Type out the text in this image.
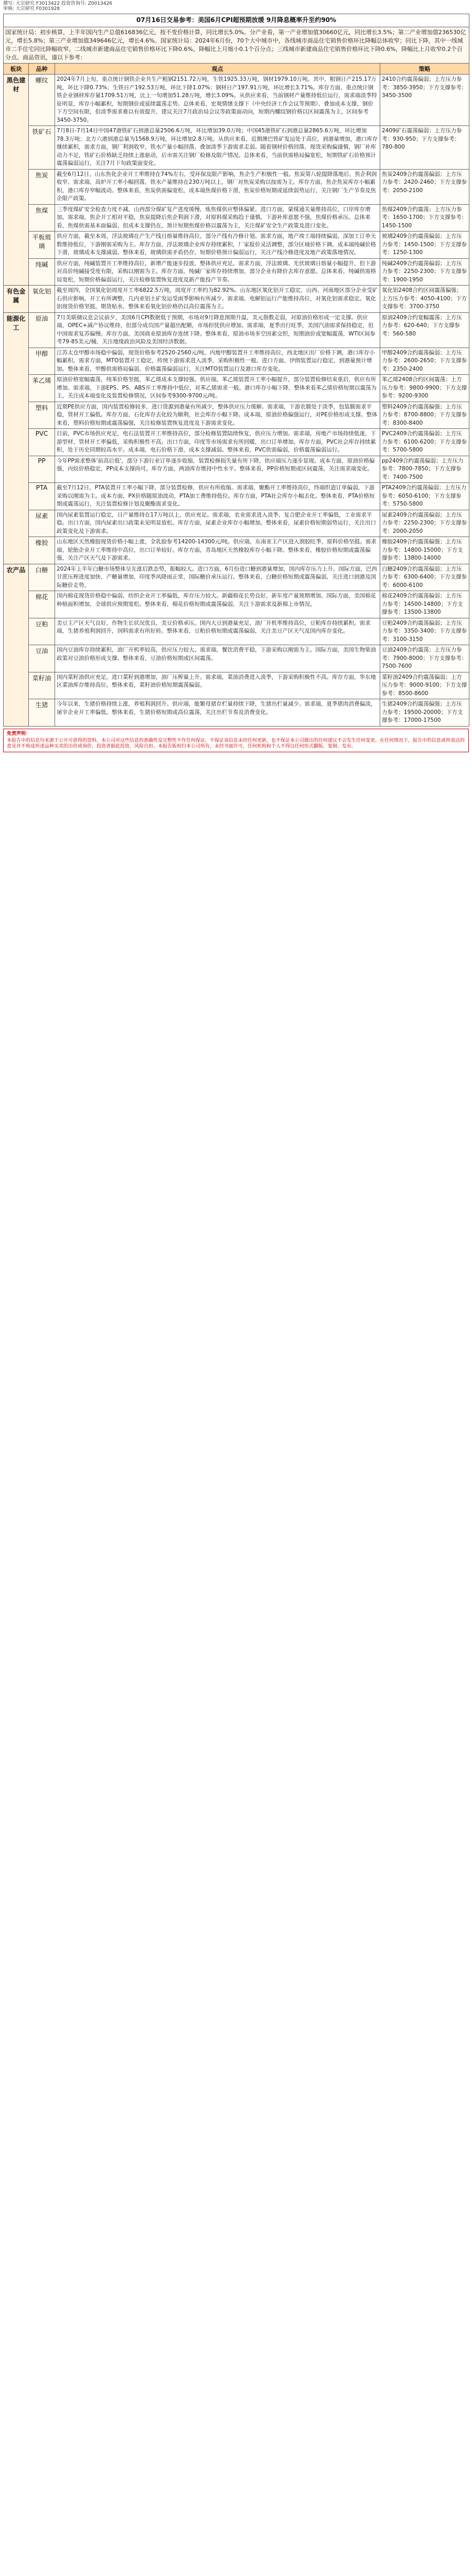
撰写: 大宗研究 F3013422 投资咨询号: Z0013426
审核: 大宗研究 F0301928
07月16日交易参考：美国6月CPI超预期放缓 9月降息概率升至约90%			
国家统计局：初步核算，上半年国内生产总值616836亿元，按不变价格计算，同比增长5.0%。分产业看，第一产业增加值30660亿元，同比增长3.5%；第二产业增加值236530亿元，增长5.8%；第三产业增加值349646亿元，增长4.6%。国家统计局：2024年6月份，70个大中城市中，各线城市商品住宅销售价格环比降幅总体收窄；同比下降，其中一线城市二手住宅同比降幅收窄。二线城市新建商品住宅销售价格环比下降0.6%，降幅比上月缩小0.1个百分点；三线城市新建商品住宅销售价格环比下降0.6%，降幅比上月收窄0.2个百分点。商品资讯，谨以下参考：			
板块	品种	观点	策略
黑色建材	螺纹	2024年7月上旬，重点统计钢铁企业共生产粗钢2151.72万吨，生铁1925.33万吨，钢材1979.10万吨。其中，粗钢日产215.17万吨，环比下降0.73%；生铁日产192.53万吨，环比下降1.07%；钢材日产197.91万吨，环比增长3.71%。库存方面，重点统计钢铁企业钢材库存量1709.51万吨，比上一旬增加51.28万吨，增长3.09%。从供应来看，当前钢材产量维持低位运行，需求端淡季特征明显，库存小幅累积，短期钢价或延续震荡走势。总体来看，宏观情绪支撑下（中央经济工作会议等预期）、叠加成本支撑，钢价下方空间有限，但淡季需求难以有效提升，建议关注7月政治局会议等政策面动向，短期内螺纹钢价格以区间震荡为主，区间参考3450-3750。	2410合约震荡偏弱；上方压力参考：3850-3950；下方支撑参考：3450-3500
	铁矿石	7月8日-7月14日中国47港铁矿石到港总量2506.6万吨，环比增加39.0万吨；中国45港铁矿石到港总量2865.6万吨，环比增加78.3万吨；北方六港到港总量为1568.9万吨，环比增加2.8万吨。从供应来看，近期澳巴铁矿发运处于高位，到港量增加，港口库存继续累积，需求方面，钢厂利润收窄，铁水产量小幅回落，叠加淡季下游需求走弱。随着钢材价格回落，现货采购偏谨慎，钢厂补库动力不足，铁矿石价格缺乏持续上涨驱动，后市需关注钢厂检修及限产情况。总体来看，当前供需格局偏宽松，短期铁矿石价格预计震荡偏弱运行，关注7月下旬政策面变化。	2409矿石震荡偏弱；上方压力参考：930-950；下方支撑参考：780-800
	焦炭	截至6月12日，山东焦化企业开工率维持在74%左右，受环保及限产影响，焦企生产积极性一般。焦炭第八轮提降落地后，焦企利润收窄。需求端，高炉开工率小幅回落，铁水产量维持在230万吨以上，钢厂对焦炭采购以按需为主。库存方面，焦企焦炭库存小幅累积，港口库存窄幅波动。整体来看，焦炭供需偏宽松，成本端焦煤价格下滑，焦炭价格短期或延续弱势运行，关注钢厂生产节奏及焦企限产政策。	焦炭2409合约震荡偏弱；上方压力参考：2420-2460；下方支撑参考：2050-2100
	焦煤	三季度煤矿安全检查力度不减，山西部分煤矿复产进度缓慢，炼焦煤供应整体偏紧。进口方面，蒙煤通关量维持高位，口岸库存增加。需求端，焦企开工相对平稳，焦炭提降后焦企利润下滑，对原料煤采购趋于谨慎。下游补库意愿不强，焦煤价格承压。总体来看，焦煤供需基本面偏弱，但成本支撑仍在，预计短期焦煤价格以震荡为主，关注煤矿安全生产政策及进口变化。	焦煤2409合约震荡；上方压力参考：1650-1700；下方支撑参考：1450-1500
	平板玻璃	供应方面，截至本周，浮法玻璃在产生产线日熔量维持高位，部分产线有冷修计划。需求方面，地产竣工端持续偏弱，深加工订单天数维持低位，下游刚需采购为主。库存方面，浮法玻璃企业库存持续累积，厂家报价灵活调整，部分区域价格下调。成本端纯碱价格下滑，玻璃成本支撑减弱。整体来看，玻璃供需矛盾仍存，短期价格预计偏弱运行，关注产线冷修进度及地产政策落地情况。	玻璃2409合约震荡偏弱；上方压力参考：1450-1500；下方支撑参考：1250-1300
	纯碱	供应方面，纯碱装置开工率维持高位，新增产能逐步投放，整体供应充足。需求方面，浮法玻璃、光伏玻璃日熔量小幅提升，但下游对高价纯碱接受度有限，采购以刚需为主。库存方面，纯碱厂家库存持续增加，部分企业有降价去库存意愿。总体来看，纯碱供需格局宽松，短期价格偏弱运行，关注检修装置恢复进度及新产能投产节奏。	纯碱2409合约震荡偏弱；上方压力参考：2250-2300；下方支撑参考：1900-1950
有色金属	氧化铝	截至周四，全国氧化铝周度开工率6822.5万吨，周度开工率约为82.92%。山东地区氧化铝开工稳定，山西、河南地区部分企业受矿石供应影响，开工有所调整，几内亚铝土矿发运受雨季影响有所减少。需求端，电解铝运行产能维持高位，对氧化铝需求稳定。氧化铝现货价格坚挺，期货贴水，整体来看氧化铝价格仍以高位震荡为主。	氧化铝2408合约区间震荡偏强；上方压力参考：4050-4100；下方支撑参考：3700-3750
能源化工	原油	7月美联储议息会议前夕，美国6月CPI数据低于预期，市场对9月降息预期升温，美元指数走弱，对原油价格形成一定支撑。供应端，OPEC+减产协议维持，但部分成员国产量超出配额，市场担忧供应增加。需求端，夏季出行旺季，美国汽油需求保持稳定，但中国需求复苏偏慢。库存方面，美国商业原油库存连续下降。整体来看，原油市场多空因素交织，短期油价或宽幅震荡，WTI区间参考79-85美元/桶，关注地缘政治风险及美国经济数据。	原油2409合约宽幅震荡；上方压力参考：620-640；下方支撑参考：560-580
	甲醇	江苏太仓甲醇市场稳中偏弱，现货价格参考2520-2560元/吨。内地甲醇装置开工率维持高位，西北地区出厂价格下调，港口库存小幅累积。需求方面，MTO装置开工稳定，传统下游需求进入淡季，采购积极性一般。进口方面，伊朗装置运行稳定，到港量预计增加。整体来看，甲醇供需格局偏弱，价格震荡偏弱运行，关注MTO装置运行及港口库存变化。	甲醇2409合约震荡偏弱；上方压力参考：2600-2650；下方支撑参考：2350-2400
	苯乙烯	原油价格宽幅震荡，纯苯价格坚挺，苯乙烯成本支撑较强。供应端，苯乙烯装置开工率小幅提升，部分装置检修结束重启，供应有所增加。需求端，下游EPS、PS、ABS开工率维持中低位，对苯乙烯需求一般。港口库存小幅下降，整体来看苯乙烯价格短期以震荡为主，关注成本端变化及装置检修情况，区间参考9300-9700元/吨。	苯乙烯2408合约区间震荡；上方压力参考：9800-9900；下方支撑参考：9200-9300
	塑料	近期PE供应方面，国内装置检修较多，进口货源到港量有所减少，整体供应压力缓解。需求端，下游农膜处于淡季，包装膜需求平稳，管材开工偏低。库存方面，石化库存去化较为顺利，社会库存小幅下降。成本端，原油价格偏强运行，对PE价格形成支撑。整体来看，塑料价格短期或震荡偏强，关注检修装置恢复进度及下游需求变化。	塑料2409合约震荡偏强；上方压力参考：8700-8800；下方支撑参考：8300-8400
	PVC	目前，PVC市场供应充足，电石法装置开工率维持高位，部分检修装置陆续恢复，供应压力增加。需求端，房地产市场持续低迷，下游型材、管材开工率偏低，采购积极性不高。出口方面，印度等市场需求有所回暖，出口订单增加。库存方面，PVC社会库存持续累积，处于历史同期较高水平。成本端，电石价格下滑，成本支撑减弱。整体来看，PVC供需偏弱，价格震荡偏弱运行。	PVC2409合约震荡偏弱；上方压力参考：6100-6200；下方支撑参考：5700-5800
	PP	今年PP需求整体'前高后低'，部分下游行业订单逐步收缩，装置检修损失量有所下降，供应端压力逐步显现。成本方面，原油价格偏强，丙烷价格稳定，PP成本支撑尚可。库存方面，两油库存维持中性水平。整体来看，PP价格短期或区间震荡，关注需求端变化。	pp2409合约震荡偏弱；上方压力参考：7800-7850；下方支撑参考：7400-7500
	PTA	截至7月12日，PTA装置开工率小幅下降，部分装置检修，供应有所收缩。需求端，聚酯开工率维持高位，终端织造订单偏弱，下游采购以刚需为主。成本方面，PX价格随原油波动，PTA加工费维持低位。库存方面，PTA社会库存小幅去化。整体来看，PTA价格短期或震荡运行，关注装置检修计划及聚酯需求变化。	PTA2409合约震荡偏弱；上方压力参考：6050-6100；下方支撑参考：5750-5800
	尿素	国内尿素装置运行稳定，日产量维持在17万吨以上，供应充足。需求端，农业需求进入淡季，复合肥企业开工率偏低，工业需求平稳。出口方面，国内尿素出口政策未见明显放松。库存方面，尿素企业库存小幅增加。整体来看，尿素价格短期弱势运行，关注出口政策变化及下游需求。	尿素2409合约震荡偏弱；上方压力参考：2250-2300；下方支撑参考：2000-2050
	橡胶	山东地区天然橡胶现货价格小幅上涨，全乳胶参考14200-14300元/吨。供应端，东南亚主产区进入割胶旺季，原料价格坚挺。需求端，轮胎企业开工率维持中高位，出口订单较好。库存方面，青岛地区天然橡胶库存小幅下降。整体来看，橡胶价格短期或震荡偏强，关注产区天气及下游需求。	橡胶2409合约震荡偏强；上方压力参考：14800-15000；下方支撑参考：13800-14000
农产品	白糖	2024年上半年白糖市场整体呈先涨后跌态势，振幅较大。进口方面，6月份进口糖到港量增加，国内库存压力上升。国际方面，巴西甘蔗压榨进度加快，产糖量增加，印度季风降雨正常，国际糖价承压运行。整体来看，白糖价格短期或震荡偏弱，关注进口到港及国际糖价走势。	白糖2409合约震荡偏弱；上方压力参考：6300-6400；下方支撑参考：6000-6100
	棉花	国内棉花现货价格稳中偏弱，纺织企业开工率偏低，库存压力较大。新疆棉花长势良好，新年度产量预期增加。国际方面，美国棉花种植面积增加，全球供应预期宽松。整体来看，棉花价格短期或震荡偏弱，关注下游需求及新棉上市情况。	棉花2409合约震荡偏弱；上方压力参考：14500-14800；下方支撑参考：13500-13800
	豆粕	美豆主产区天气良好，作物生长状况优良，美豆价格承压。国内大豆到港量充足，油厂开机率维持高位，豆粕库存持续累积。需求端，生猪养殖利润回升，饲料需求有所好转。整体来看，豆粕价格短期或震荡偏弱，关注美豆产区天气及国内库存变化。	豆粕2409合约震荡偏弱；上方压力参考：3350-3400；下方支撑参考：3100-3150
	豆油	国内豆油库存持续累积，油厂开机率较高，供应压力较大。需求端，餐饮消费平稳，下游采购以刚需为主。国际方面，美国生物柴油政策对豆油价格形成支撑。整体来看，豆油价格短期或区间震荡。	豆油2409合约震荡；上方压力参考：7900-8000；下方支撑参考：7500-7600
	菜籽油	国内菜籽油供应充足，进口菜籽到港增加，油厂压榨量上升。需求端，菜油消费进入淡季，下游采购积极性不高。库存方面，华东地区菜油库存维持高位。整体来看，菜籽油价格短期震荡偏弱。	菜籽油2409合约震荡偏弱；上方压力参考：9000-9100；下方支撑参考：8500-8600
	生猪	今年以来，生猪价格持续上涨，养殖利润回升。供应端，能繁母猪存栏量持续下降，生猪出栏量减少。需求端，夏季猪肉消费偏淡，屠宰企业开工率偏低。整体来看，生猪价格短期或高位震荡，关注出栏节奏及消费变化。	生猪2409合约震荡偏强；上方压力参考：19500-20000；下方支撑参考：17000-17500
免责声明：
本报告中的信息均来源于公开可获得的资料，本公司对这些信息的准确性及完整性不作任何保证，不保证该信息未经任何更新，也不保证本公司做出的任何建议不会发生任何变更。在任何情况下，报告中的信息或所表达的意见并不构成所述品种买卖的出价或询价，投资者据此投资，风险自担。本报告版权归本公司所有，未经书面许可，任何机构和个人不得以任何形式翻版、复制、发布。
